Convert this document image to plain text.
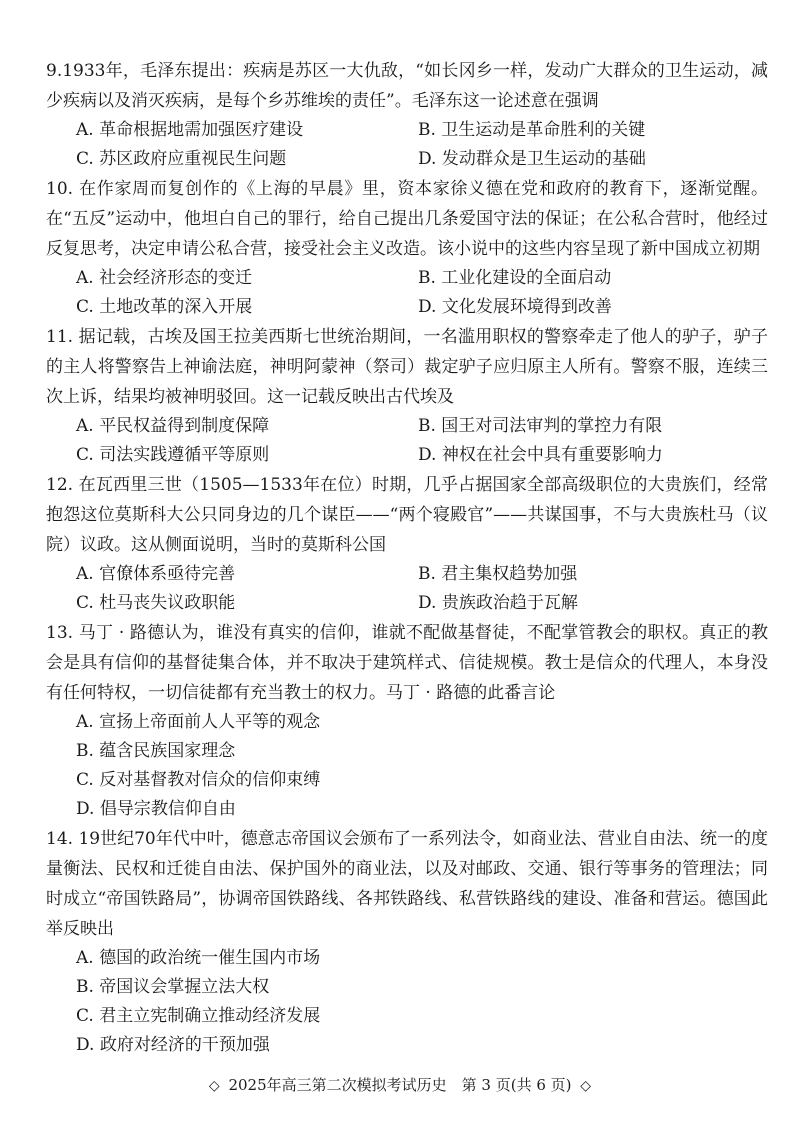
9.1933年，毛泽东提出：疾病是苏区一大仇敌，“如长冈乡一样，发动广大群众的卫生运动，减少疾病以及消灭疾病，是每个乡苏维埃的责任”。毛泽东这一论述意在强调

A. 革命根据地需加强医疗建设	B. 卫生运动是革命胜利的关键
C. 苏区政府应重视民生问题	D. 发动群众是卫生运动的基础

10. 在作家周而复创作的《上海的早晨》里，资本家徐义德在党和政府的教育下，逐渐觉醒。在“五反”运动中，他坦白自己的罪行，给自己提出几条爱国守法的保证；在公私合营时，他经过反复思考，决定申请公私合营，接受社会主义改造。该小说中的这些内容呈现了新中国成立初期

A. 社会经济形态的变迁	B. 工业化建设的全面启动
C. 土地改革的深入开展	D. 文化发展环境得到改善

11. 据记载，古埃及国王拉美西斯七世统治期间，一名滥用职权的警察牵走了他人的驴子，驴子的主人将警察告上神谕法庭，神明阿蒙神（祭司）裁定驴子应归原主人所有。警察不服，连续三次上诉，结果均被神明驳回。这一记载反映出古代埃及

A. 平民权益得到制度保障	B. 国王对司法审判的掌控力有限
C. 司法实践遵循平等原则	D. 神权在社会中具有重要影响力

12. 在瓦西里三世（1505—1533年在位）时期，几乎占据国家全部高级职位的大贵族们，经常抱怨这位莫斯科大公只同身边的几个谋臣——“两个寝殿官”——共谋国事，不与大贵族杜马（议院）议政。这从侧面说明，当时的莫斯科公国

A. 官僚体系亟待完善	B. 君主集权趋势加强
C. 杜马丧失议政职能	D. 贵族政治趋于瓦解

13. 马丁 · 路德认为，谁没有真实的信仰，谁就不配做基督徒，不配掌管教会的职权。真正的教会是具有信仰的基督徒集合体，并不取决于建筑样式、信徒规模。教士是信众的代理人，本身没有任何特权，一切信徒都有充当教士的权力。马丁 · 路德的此番言论

A. 宣扬上帝面前人人平等的观念
B. 蕴含民族国家理念
C. 反对基督教对信众的信仰束缚
D. 倡导宗教信仰自由

14. 19世纪70年代中叶，德意志帝国议会颁布了一系列法令，如商业法、营业自由法、统一的度量衡法、民权和迁徙自由法、保护国外的商业法，以及对邮政、交通、银行等事务的管理法；同时成立“帝国铁路局”，协调帝国铁路线、各邦铁路线、私营铁路线的建设、准备和营运。德国此举反映出

A. 德国的政治统一催生国内市场
B. 帝国议会掌握立法大权
C. 君主立宪制确立推动经济发展
D. 政府对经济的干预加强
◇ 2025年高三第二次模拟考试历史　第 3 页(共 6 页) ◇
